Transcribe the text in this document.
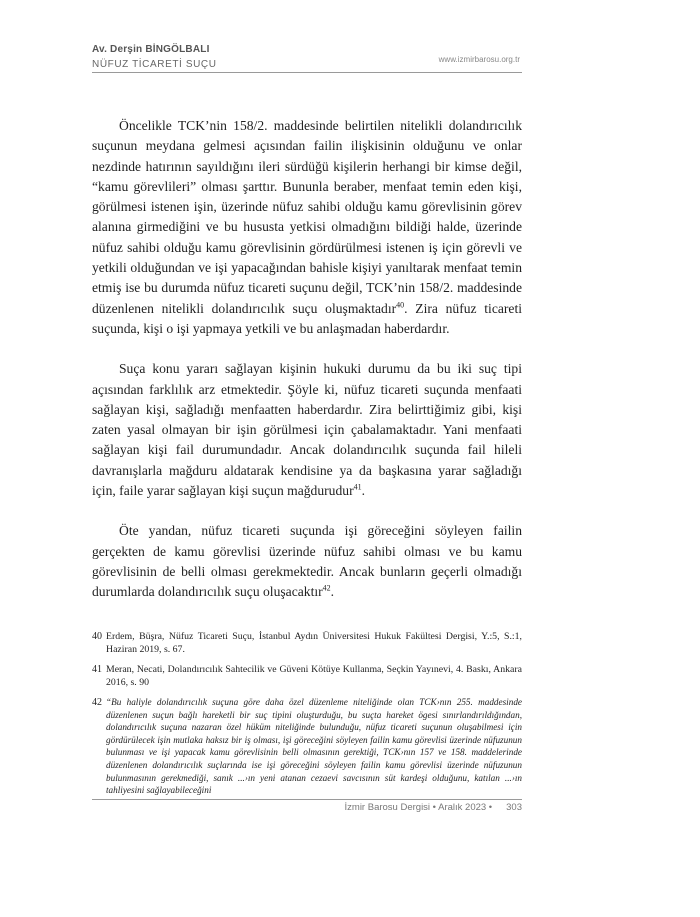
Av. Derşin BİNGÖLBALI
NÜFUZ TİCARETİ SUÇU	www.izmirbarosu.org.tr

Öncelikle TCK’nin 158/2. maddesinde belirtilen nitelikli dolandırıcılık suçunun meydana gelmesi açısından failin ilişkisinin olduğunu ve onlar nezdinde hatırının sayıldığını ileri sürdüğü kişilerin herhangi bir kimse değil, “kamu görevlileri” olması şarttır. Bununla beraber, menfaat temin eden kişi, görülmesi istenen işin, üzerinde nüfuz sahibi olduğu kamu görevlisinin görev alanına girmediğini ve bu hususta yetkisi olmadığını bildiği halde, üzerinde nüfuz sahibi olduğu kamu görevlisinin gördürülmesi istenen iş için görevli ve yetkili olduğundan ve işi yapacağından bahisle kişiyi yanıltarak menfaat temin etmiş ise bu durumda nüfuz ticareti suçunu değil, TCK’nin 158/2. maddesinde düzenlenen nitelikli dolandırıcılık suçu oluşmaktadır$^{40}$. Zira nüfuz ticareti suçunda, kişi o işi yapmaya yetkili ve bu anlaşmadan haberdardır.

Suça konu yararı sağlayan kişinin hukuki durumu da bu iki suç tipi açısından farklılık arz etmektedir. Şöyle ki, nüfuz ticareti suçunda menfaati sağlayan kişi, sağladığı menfaatten haberdardır. Zira belirttiğimiz gibi, kişi zaten yasal olmayan bir işin görülmesi için çabalamaktadır. Yani menfaati sağlayan kişi fail durumundadır. Ancak dolandırıcılık suçunda fail hileli davranışlarla mağduru aldatarak kendisine ya da başkasına yarar sağladığı için, faile yarar sağlayan kişi suçun mağdurudur$^{41}$.

Öte yandan, nüfuz ticareti suçunda işi göreceğini söyleyen failin gerçekten de kamu görevlisi üzerinde nüfuz sahibi olması ve bu kamu görevlisinin de belli olması gerekmektedir. Ancak bunların geçerli olmadığı durumlarda dolandırıcılık suçu oluşacaktır$^{42}$.

40 Erdem, Büşra, Nüfuz Ticareti Suçu, İstanbul Aydın Üniversitesi Hukuk Fakültesi Dergisi, Y.:5, S.:1, Haziran 2019, s. 67.
41 Meran, Necati, Dolandırıcılık Sahtecilik ve Güveni Kötüye Kullanma, Seçkin Yayınevi, 4. Baskı, Ankara 2016, s. 90
42 “Bu haliyle dolandırıcılık suçuna göre daha özel düzenleme niteliğinde olan TCK›nın 255. maddesinde düzenlenen suçun bağlı hareketli bir suç tipini oluşturduğu, bu suçta hareket ögesi sınırlandırıldığından, dolandırıcılık suçuna nazaran özel hüküm niteliğinde bulunduğu, nüfuz ticareti suçunun oluşabilmesi için gördürülecek işin mutlaka haksız bir iş olması, işi göreceğini söyleyen failin kamu görevlisi üzerinde nüfuzunun bulunması ve işi yapacak kamu görevlisinin belli olmasının gerektiği, TCK›nın 157 ve 158. maddelerinde düzenlenen dolandırıcılık suçlarında ise işi göreceğini söyleyen failin kamu görevlisi üzerinde nüfuzunun bulunmasının gerekmediği, sanık ...›ın yeni atanan cezaevi savcısının süt kardeşi olduğunu, katılan ...›ın tahliyesini sağlayabileceğini
İzmir Barosu Dergisi • Aralık 2023 • 303
